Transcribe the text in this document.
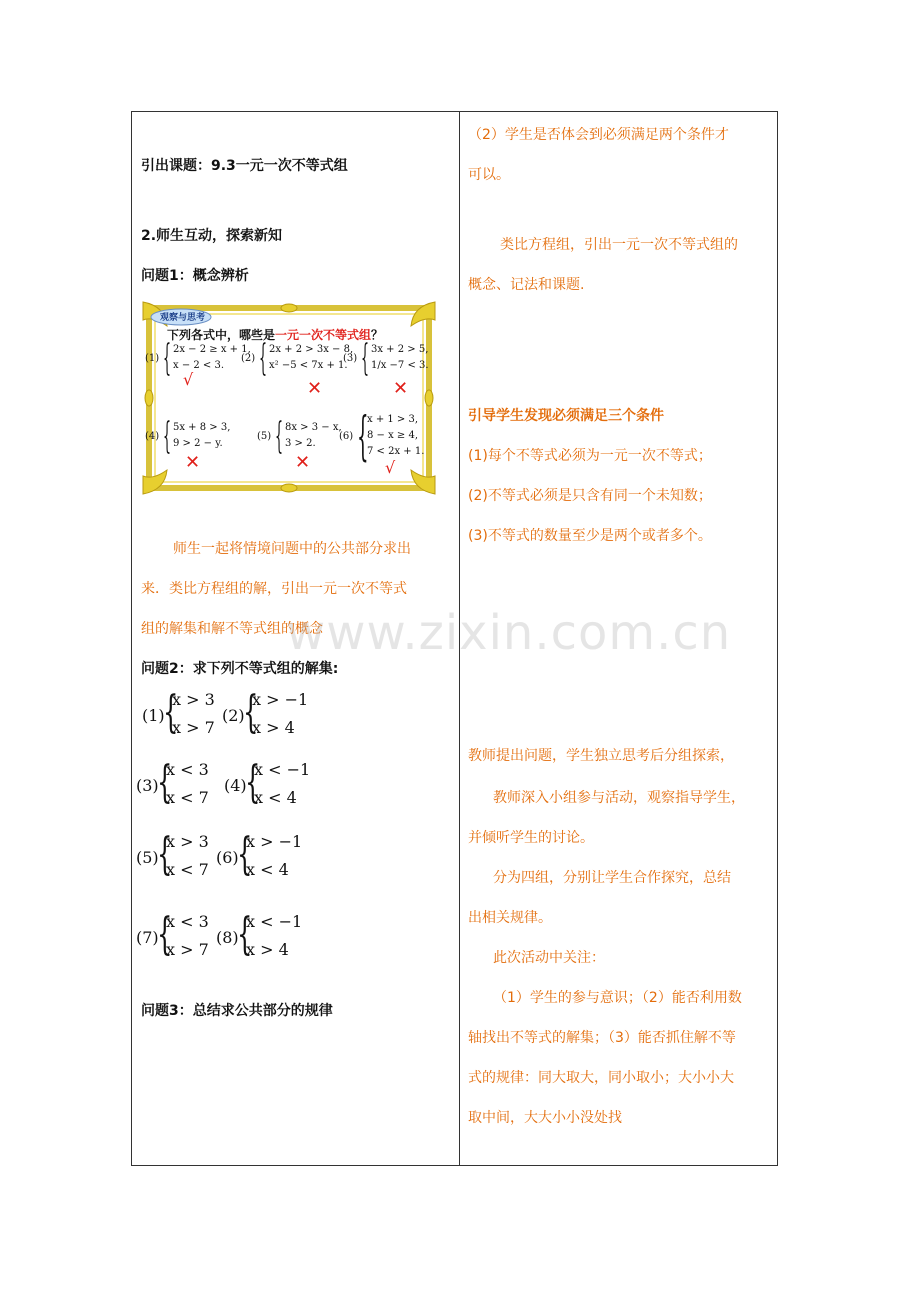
引出课题：9.3一元一次不等式组
2.师生互动，探索新知
问题1：概念辨析
观察与思考
下列各式中，哪些是一元一次不等式组？
(1) { 2x − 2 ≥ x + 1,
x − 2 < 3.
√
(2) { 2x + 2 > 3x − 8,
x² −5 < 7x + 1.
✕
(3) { 3x + 2 > 5,
1/x −7 < 3.
✕
(4) { 5x + 8 > 3,
9 > 2 − y.
✕
(5) { 8x > 3 − x,
3 > 2.
✕
(6) {
x + 1 > 3,
8 − x ≥ 4,
7 < 2x + 1.
√
师生一起将情境问题中的公共部分求出
来．类比方程组的解，引出一元一次不等式
组的解集和解不等式组的概念
问题2：求下列不等式组的解集:
(1)
{
x > 3
x > 7
(2)
{
x > −1
x > 4
(3)
{
x < 3
x < 7
(4)
{
x < −1
x < 4
(5)
{
x > 3
x < 7
(6)
{
x > −1
x < 4
(7)
{
x < 3
x > 7
(8)
{
x < −1
x > 4
问题3：总结求公共部分的规律
（2）学生是否体会到必须满足两个条件才
可以。
类比方程组，引出一元一次不等式组的
概念、记法和课题.
引导学生发现必须满足三个条件
(1)每个不等式必须为一元一次不等式；
(2)不等式必须是只含有同一个未知数；
(3)不等式的数量至少是两个或者多个。
教师提出问题，学生独立思考后分组探索，
教师深入小组参与活动，观察指导学生，
并倾听学生的讨论。
分为四组，分别让学生合作探究，总结
出相关规律。
此次活动中关注：
（1）学生的参与意识；（2）能否利用数
轴找出不等式的解集；（3）能否抓住解不等
式的规律：同大取大，同小取小；大小小大
取中间，大大小小没处找
www.zixin.com.cn
